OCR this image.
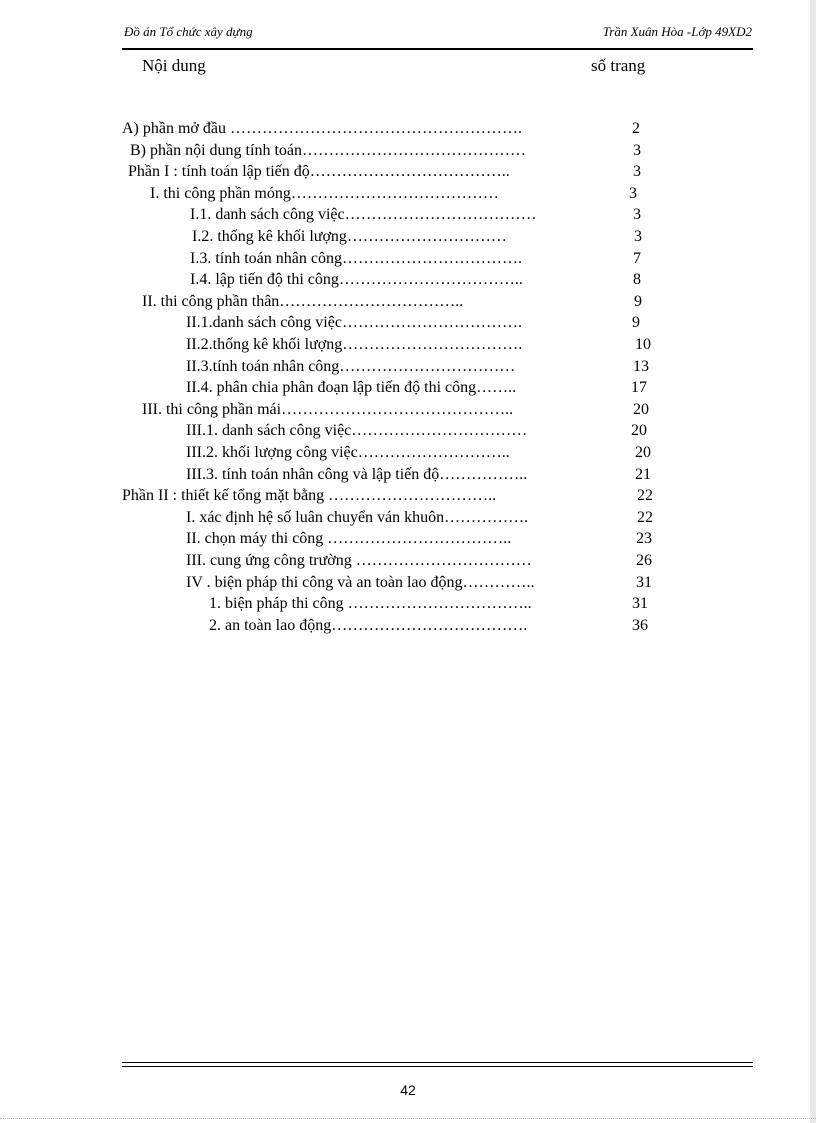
Đồ án Tổ chức xây dựng	Trần Xuân Hòa -Lớp 49XD2
Nội dung	số trang
A) phần mở đầu ……………………………………………….	2
B) phần nội dung tính toán……………………………………	3
Phần I : tính toán lập tiến độ………………………………..	3
I. thi công phần móng…………………………………	3
I.1. danh sách công việc………………………………	3
I.2. thống kê khối lượng…………………………	3
I.3. tính toán nhân công…………………………….	7
I.4. lập tiến độ thi công……………………………..	8
II. thi công phần thân……………………………..	9
II.1.danh sách công việc…………………………….	9
II.2.thống kê khối lượng…………………………….	10
II.3.tính toán nhân công……………………………	13
II.4. phân chia phân đoạn lập tiến độ thi công……..	17
III. thi công phần mái……………………………………..	20
III.1. danh sách công việc……………………………	20
III.2. khối lượng công việc………………………..	20
III.3. tính toán nhân công và lập tiến độ……………..	21
Phần II : thiết kế tổng mặt bằng …………………………..	22
I. xác định hệ số luân chuyển ván khuôn…………….	22
II. chọn máy thi công ……………………………..	23
III. cung ứng công trường ……………………………	26
IV . biện pháp thi công và an toàn lao động…………..	31
1. biện pháp thi công ……………………………..	31
2. an toàn lao động……………………………….	36
42
